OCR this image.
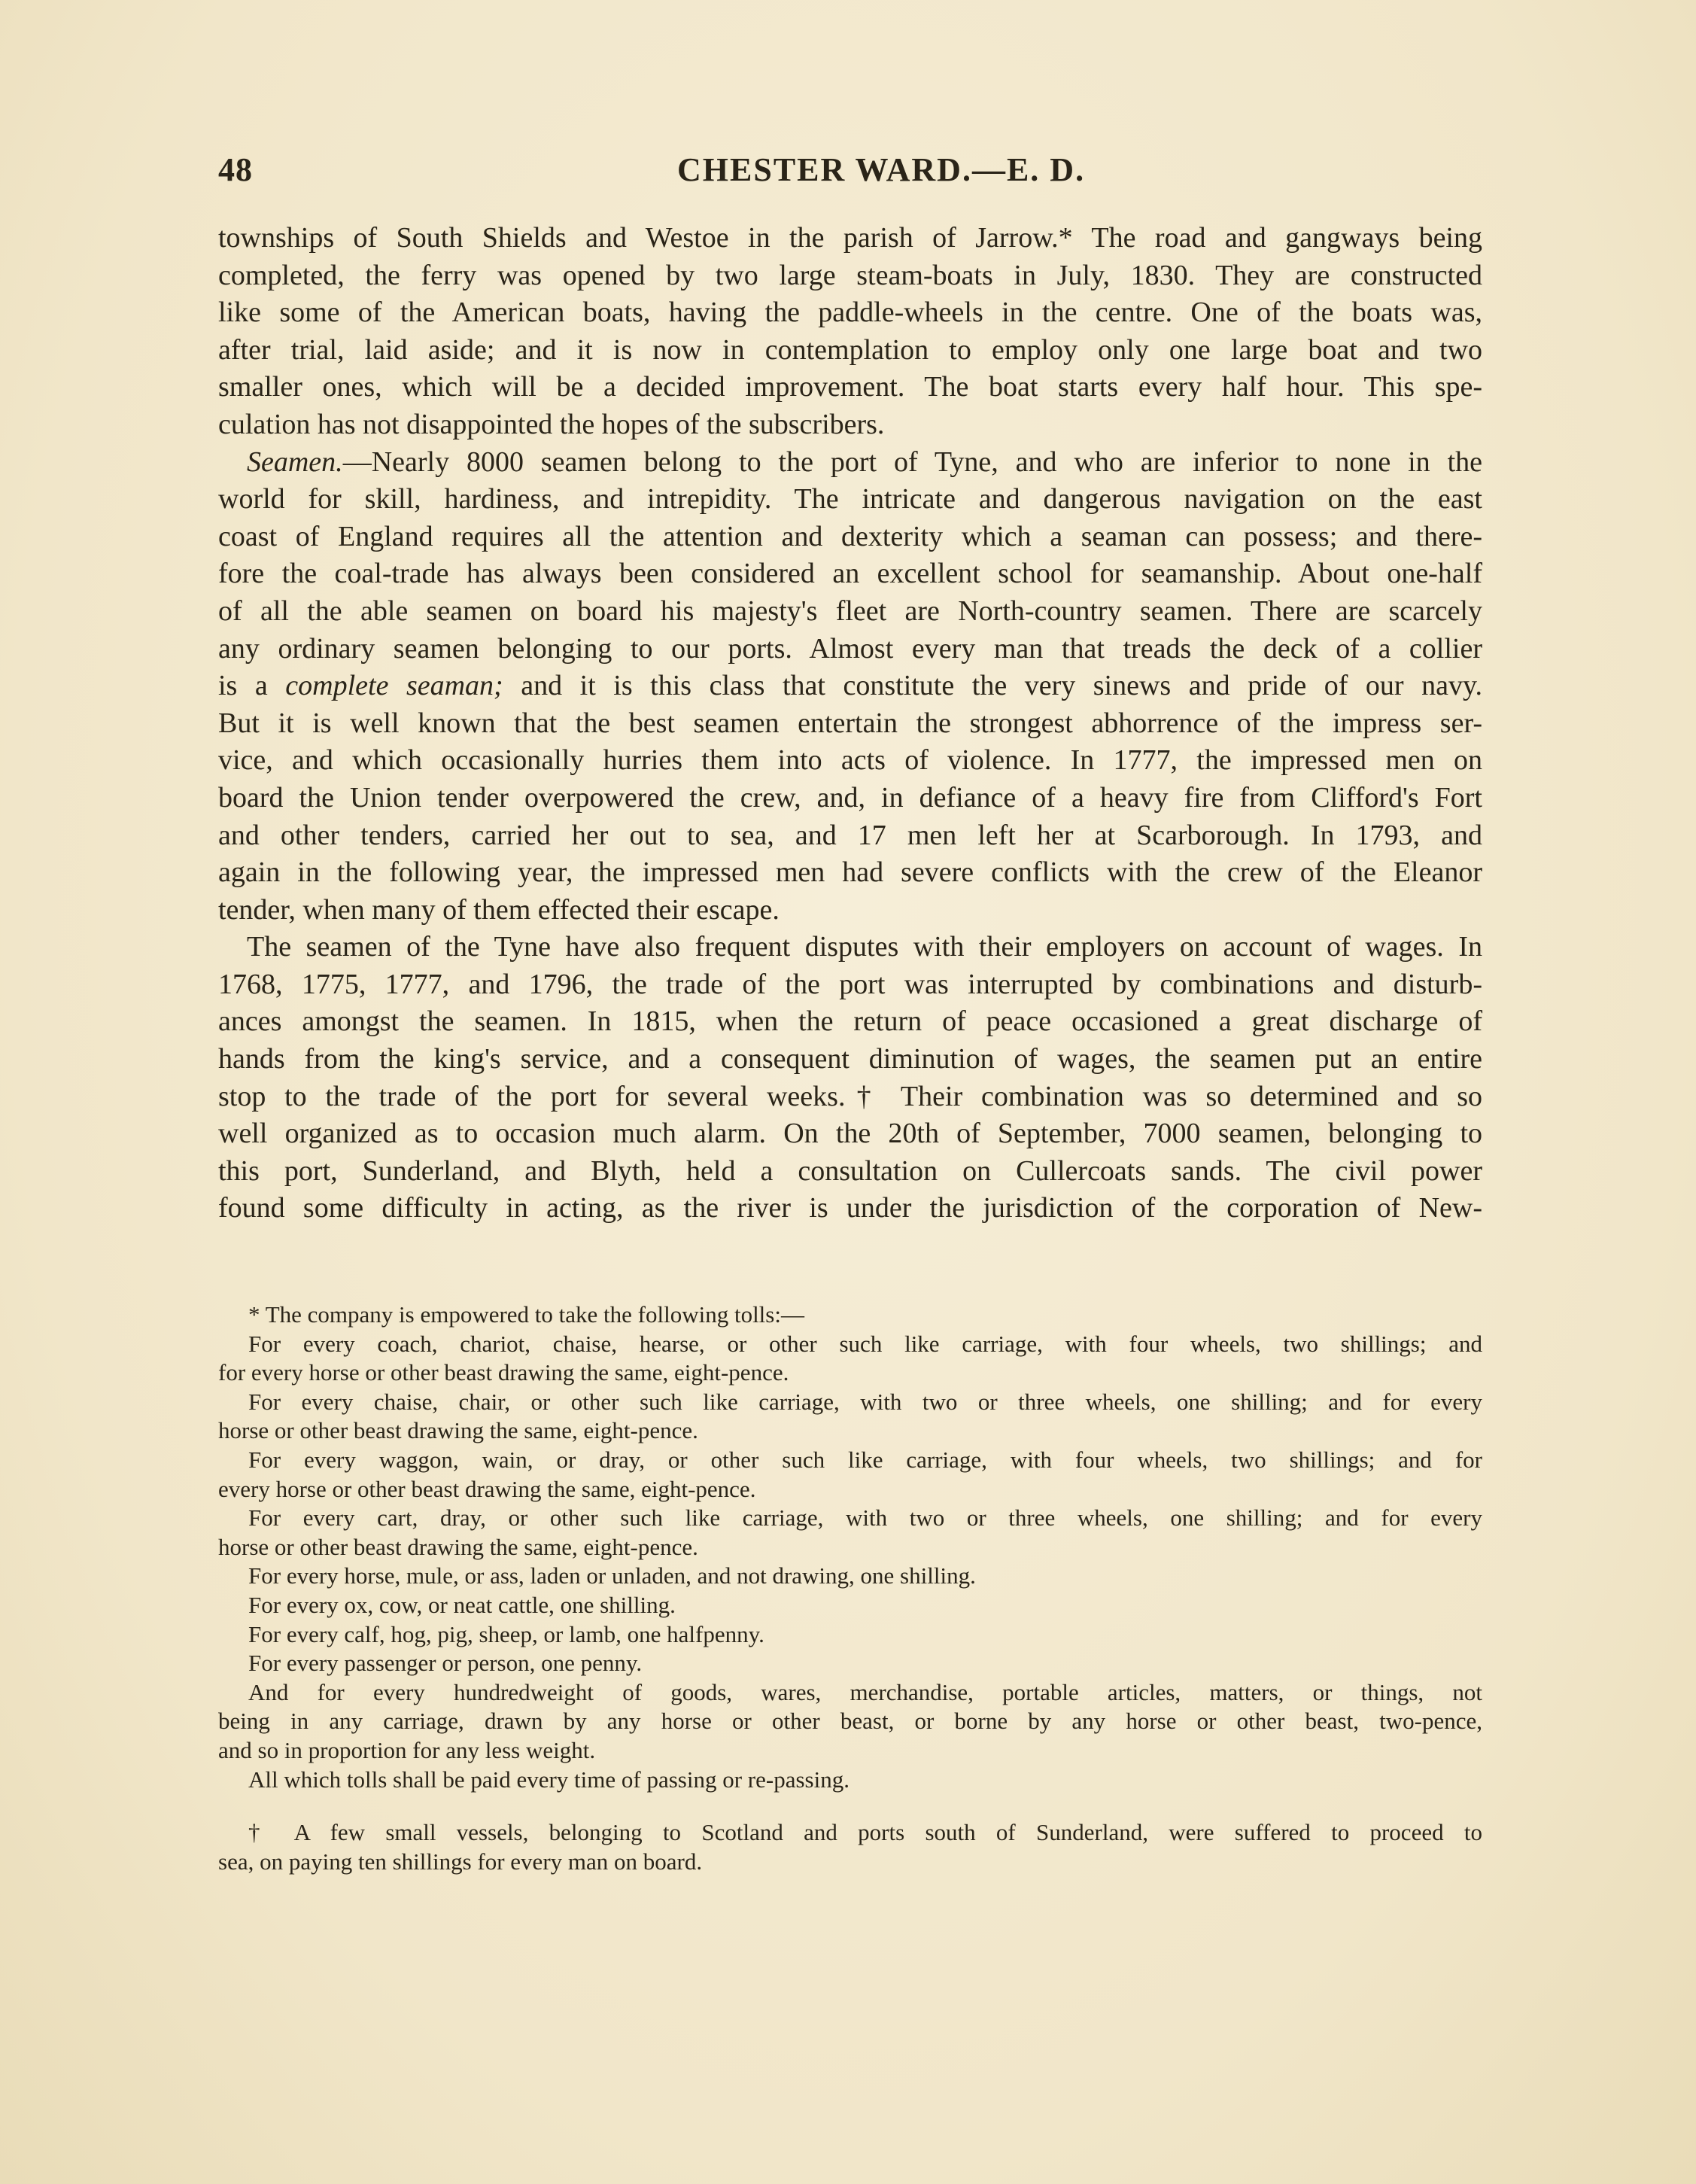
48	CHESTER WARD.—E. D.
townships of South Shields and Westoe in the parish of Jarrow.* The road and gangways being
completed, the ferry was opened by two large steam-boats in July, 1830. They are constructed
like some of the American boats, having the paddle-wheels in the centre. One of the boats was,
after trial, laid aside; and it is now in contemplation to employ only one large boat and two
smaller ones, which will be a decided improvement. The boat starts every half hour. This spe-
culation has not disappointed the hopes of the subscribers.
Seamen.—Nearly 8000 seamen belong to the port of Tyne, and who are inferior to none in the
world for skill, hardiness, and intrepidity. The intricate and dangerous navigation on the east
coast of England requires all the attention and dexterity which a seaman can possess; and there-
fore the coal-trade has always been considered an excellent school for seamanship. About one-half
of all the able seamen on board his majesty's fleet are North-country seamen. There are scarcely
any ordinary seamen belonging to our ports. Almost every man that treads the deck of a collier
is a complete seaman; and it is this class that constitute the very sinews and pride of our navy.
But it is well known that the best seamen entertain the strongest abhorrence of the impress ser-
vice, and which occasionally hurries them into acts of violence. In 1777, the impressed men on
board the Union tender overpowered the crew, and, in defiance of a heavy fire from Clifford's Fort
and other tenders, carried her out to sea, and 17 men left her at Scarborough. In 1793, and
again in the following year, the impressed men had severe conflicts with the crew of the Eleanor
tender, when many of them effected their escape.
The seamen of the Tyne have also frequent disputes with their employers on account of wages. In
1768, 1775, 1777, and 1796, the trade of the port was interrupted by combinations and disturb-
ances amongst the seamen. In 1815, when the return of peace occasioned a great discharge of
hands from the king's service, and a consequent diminution of wages, the seamen put an entire
stop to the trade of the port for several weeks.† Their combination was so determined and so
well organized as to occasion much alarm. On the 20th of September, 7000 seamen, belonging to
this port, Sunderland, and Blyth, held a consultation on Cullercoats sands. The civil power
found some difficulty in acting, as the river is under the jurisdiction of the corporation of New-
* The company is empowered to take the following tolls:—
For every coach, chariot, chaise, hearse, or other such like carriage, with four wheels, two shillings; and
for every horse or other beast drawing the same, eight-pence.
For every chaise, chair, or other such like carriage, with two or three wheels, one shilling; and for every
horse or other beast drawing the same, eight-pence.
For every waggon, wain, or dray, or other such like carriage, with four wheels, two shillings; and for
every horse or other beast drawing the same, eight-pence.
For every cart, dray, or other such like carriage, with two or three wheels, one shilling; and for every
horse or other beast drawing the same, eight-pence.
For every horse, mule, or ass, laden or unladen, and not drawing, one shilling.
For every ox, cow, or neat cattle, one shilling.
For every calf, hog, pig, sheep, or lamb, one halfpenny.
For every passenger or person, one penny.
And for every hundredweight of goods, wares, merchandise, portable articles, matters, or things, not
being in any carriage, drawn by any horse or other beast, or borne by any horse or other beast, two-pence,
and so in proportion for any less weight.
All which tolls shall be paid every time of passing or re-passing.
† A few small vessels, belonging to Scotland and ports south of Sunderland, were suffered to proceed to
sea, on paying ten shillings for every man on board.
